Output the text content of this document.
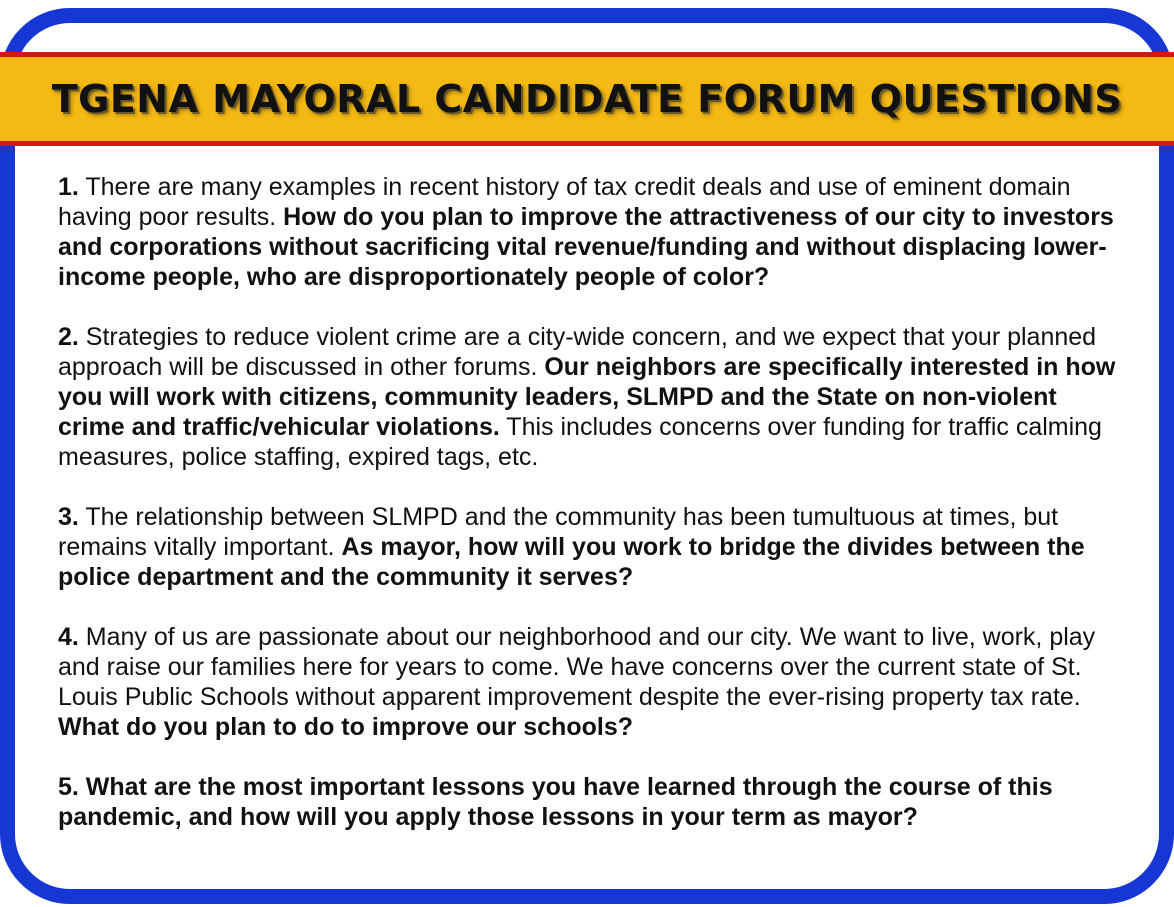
TGENA MAYORAL CANDIDATE FORUM QUESTIONS

1. There are many examples in recent history of tax credit deals and use of eminent domain having poor results. How do you plan to improve the attractiveness of our city to investors and corporations without sacrificing vital revenue/funding and without displacing lower-income people, who are disproportionately people of color?

2. Strategies to reduce violent crime are a city-wide concern, and we expect that your planned approach will be discussed in other forums. Our neighbors are specifically interested in how you will work with citizens, community leaders, SLMPD and the State on non-violent crime and traffic/vehicular violations. This includes concerns over funding for traffic calming measures, police staffing, expired tags, etc.

3. The relationship between SLMPD and the community has been tumultuous at times, but remains vitally important. As mayor, how will you work to bridge the divides between the police department and the community it serves?

4. Many of us are passionate about our neighborhood and our city. We want to live, work, play and raise our families here for years to come. We have concerns over the current state of St. Louis Public Schools without apparent improvement despite the ever-rising property tax rate. What do you plan to do to improve our schools?

5. What are the most important lessons you have learned through the course of this pandemic, and how will you apply those lessons in your term as mayor?
